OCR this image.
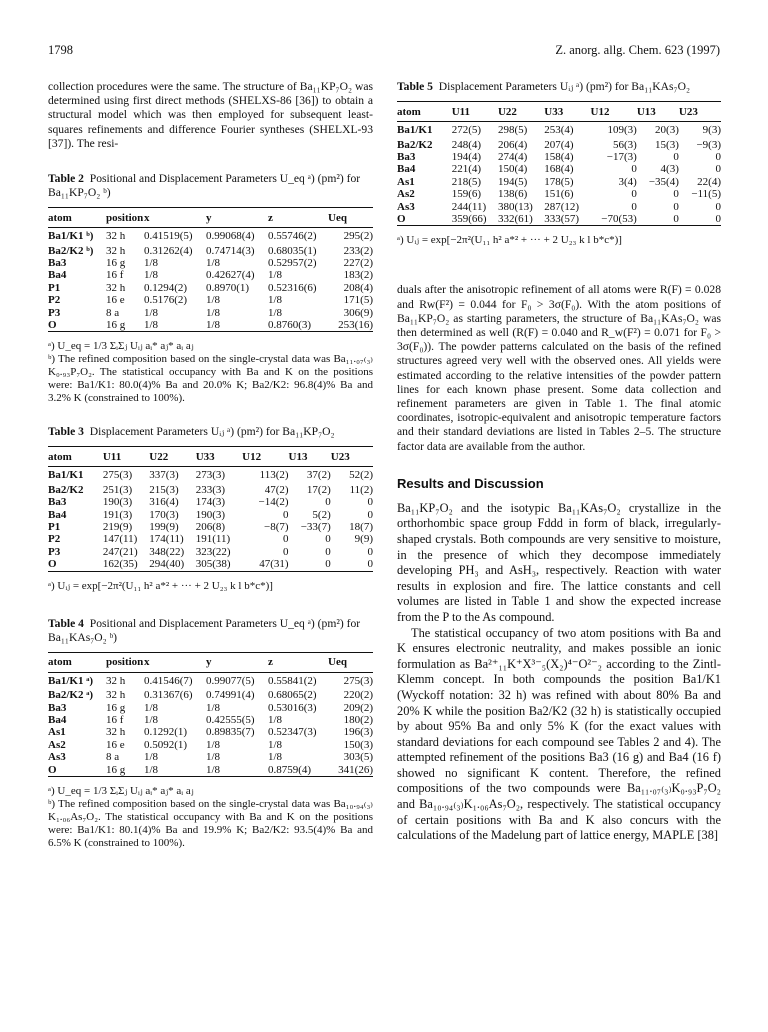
1798	Z. anorg. allg. Chem. 623 (1997)

collection procedures were the same. The structure of Ba₁₁KP₇O₂ was determined using first direct methods (SHELXS-86 [36]) to obtain a structural model which was then employed for subsequent least-squares refinements and difference Fourier syntheses (SHELXL-93 [37]). The resi-

Table 2 Positional and Displacement Parameters U_eq ᵃ) (pm²) for Ba₁₁KP₇O₂ ᵇ)

atom	position	x	y	z	Ueq
Ba1/K1 ᵇ)	32 h	0.41519(5)	0.99068(4)	0.55746(2)	295(2)
Ba2/K2 ᵇ)	32 h	0.31262(4)	0.74714(3)	0.68035(1)	233(2)
Ba3	16 g	1/8	1/8	0.52957(2)	227(2)
Ba4	16 f	1/8	0.42627(4)	1/8	183(2)
P1	32 h	0.1294(2)	0.8970(1)	0.52316(6)	208(4)
P2	16 e	0.5176(2)	1/8	1/8	171(5)
P3	8 a	1/8	1/8	1/8	306(9)
O	16 g	1/8	1/8	0.8760(3)	253(16)

ᵃ) U_eq = 1/3 ΣᵢΣⱼ Uᵢⱼ aᵢ* aⱼ* aᵢ aⱼ

ᵇ) The refined composition based on the single-crystal data was Ba₁₁.₀₇₍₃₎K₀.₉₃P₇O₂. The statistical occupancy with Ba and K on the positions were: Ba1/K1: 80.0(4)% Ba and 20.0% K; Ba2/K2: 96.8(4)% Ba and 3.2% K (constrained to 100%).

Table 3 Displacement Parameters Uᵢⱼ ᵃ) (pm²) for Ba₁₁KP₇O₂

atom	U11	U22	U33	U12	U13	U23
Ba1/K1	275(3)	337(3)	273(3)	113(2)	37(2)	52(2)
Ba2/K2	251(3)	215(3)	233(3)	47(2)	17(2)	11(2)
Ba3	190(3)	316(4)	174(3)	−14(2)	0	0
Ba4	191(3)	170(3)	190(3)	0	5(2)	0
P1	219(9)	199(9)	206(8)	−8(7)	−33(7)	18(7)
P2	147(11)	174(11)	191(11)	0	0	9(9)
P3	247(21)	348(22)	323(22)	0	0	0
O	162(35)	294(40)	305(38)	47(31)	0	0

ᵃ) Uᵢⱼ = exp[−2π²(U₁₁ h² a*² + ··· + 2 U₂₃ k l b*c*)]

Table 4 Positional and Displacement Parameters U_eq ᵃ) (pm²) for Ba₁₁KAs₇O₂ ᵇ)

atom	position	x	y	z	Ueq
Ba1/K1 ᵃ)	32 h	0.41546(7)	0.99077(5)	0.55841(2)	275(3)
Ba2/K2 ᵃ)	32 h	0.31367(6)	0.74991(4)	0.68065(2)	220(2)
Ba3	16 g	1/8	1/8	0.53016(3)	209(2)
Ba4	16 f	1/8	0.42555(5)	1/8	180(2)
As1	32 h	0.1292(1)	0.89835(7)	0.52347(3)	196(3)
As2	16 e	0.5092(1)	1/8	1/8	150(3)
As3	8 a	1/8	1/8	1/8	303(5)
O	16 g	1/8	1/8	0.8759(4)	341(26)

ᵃ) U_eq = 1/3 ΣᵢΣⱼ Uᵢⱼ aᵢ* aⱼ* aᵢ aⱼ

ᵇ) The refined composition based on the single-crystal data was Ba₁₀.₉₄₍₃₎K₁.₀₆As₇O₂. The statistical occupancy with Ba and K on the positions were: Ba1/K1: 80.1(4)% Ba and 19.9% K; Ba2/K2: 93.5(4)% Ba and 6.5% K (constrained to 100%).

Table 5 Displacement Parameters Uᵢⱼ ᵃ) (pm²) for Ba₁₁KAs₇O₂

atom	U11	U22	U33	U12	U13	U23
Ba1/K1	272(5)	298(5)	253(4)	109(3)	20(3)	9(3)
Ba2/K2	248(4)	206(4)	207(4)	56(3)	15(3)	−9(3)
Ba3	194(4)	274(4)	158(4)	−17(3)	0	0
Ba4	221(4)	150(4)	168(4)	0	4(3)	0
As1	218(5)	194(5)	178(5)	3(4)	−35(4)	22(4)
As2	159(6)	138(6)	151(6)	0	0	−11(5)
As3	244(11)	380(13)	287(12)	0	0	0
O	359(66)	332(61)	333(57)	−70(53)	0	0

ᵃ) Uᵢⱼ = exp[−2π²(U₁₁ h² a*² + ··· + 2 U₂₃ k l b*c*)]

duals after the anisotropic refinement of all atoms were R(F) = 0.028 and Rw(F²) = 0.044 for F₀ > 3σ(F₀). With the atom positions of Ba₁₁KP₇O₂ as starting parameters, the structure of Ba₁₁KAs₇O₂ was then determined as well (R(F) = 0.040 and R_w(F²) = 0.071 for F₀ > 3σ(F₀)). The powder patterns calculated on the basis of the refined structures agreed very well with the observed ones. All yields were estimated according to the relative intensities of the powder pattern lines for each known phase present. Some data collection and refinement parameters are given in Table 1. The final atomic coordinates, isotropic-equivalent and anisotropic temperature factors and their standard deviations are listed in Tables 2–5. The structure factor data are available from the author.

Results and Discussion

Ba₁₁KP₇O₂ and the isotypic Ba₁₁KAs₇O₂ crystallize in the orthorhombic space group Fddd in form of black, irregularly-shaped crystals. Both compounds are very sensitive to moisture, in the presence of which they decompose immediately developing PH₃ and AsH₃, respectively. Reaction with water results in explosion and fire. The lattice constants and cell volumes are listed in Table 1 and show the expected increase from the P to the As compound.

The statistical occupancy of two atom positions with Ba and K ensures electronic neutrality, and makes possible an ionic formulation as Ba²⁺₁₁K⁺X³⁻₅(X₂)⁴⁻O²⁻₂ according to the Zintl-Klemm concept. In both compounds the position Ba1/K1 (Wyckoff notation: 32 h) was refined with about 80% Ba and 20% K while the position Ba2/K2 (32 h) is statistically occupied by about 95% Ba and only 5% K (for the exact values with standard deviations for each compound see Tables 2 and 4). The attempted refinement of the positions Ba3 (16 g) and Ba4 (16 f) showed no significant K content. Therefore, the refined compositions of the two compounds were Ba₁₁.₀₇₍₃₎K₀.₉₃P₇O₂ and Ba₁₀.₉₄₍₃₎K₁.₀₆As₇O₂, respectively. The statistical occupancy of certain positions with Ba and K also concurs with the calculations of the Madelung part of lattice energy, MAPLE [38]
